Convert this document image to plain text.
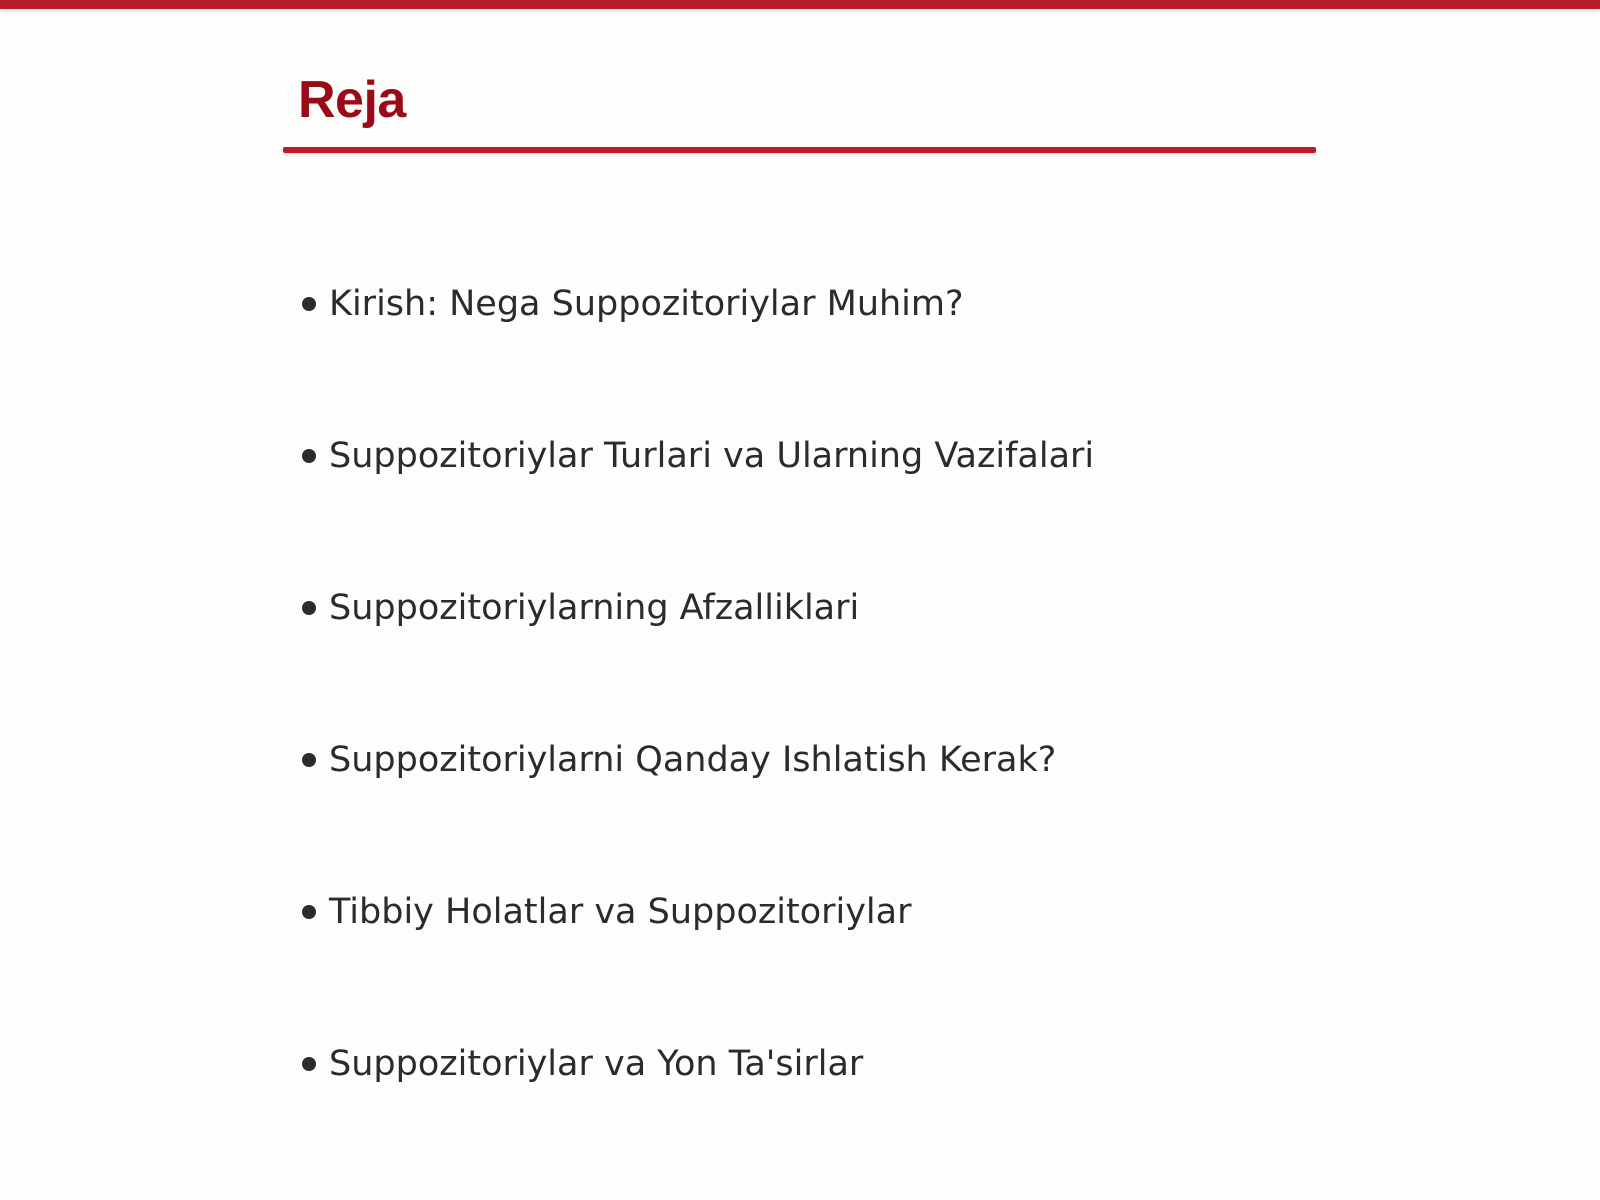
Reja
Kirish: Nega Suppozitoriylar Muhim?
Suppozitoriylar Turlari va Ularning Vazifalari
Suppozitoriylarning Afzalliklari
Suppozitoriylarni Qanday Ishlatish Kerak?
Tibbiy Holatlar va Suppozitoriylar
Suppozitoriylar va Yon Ta'sirlar
